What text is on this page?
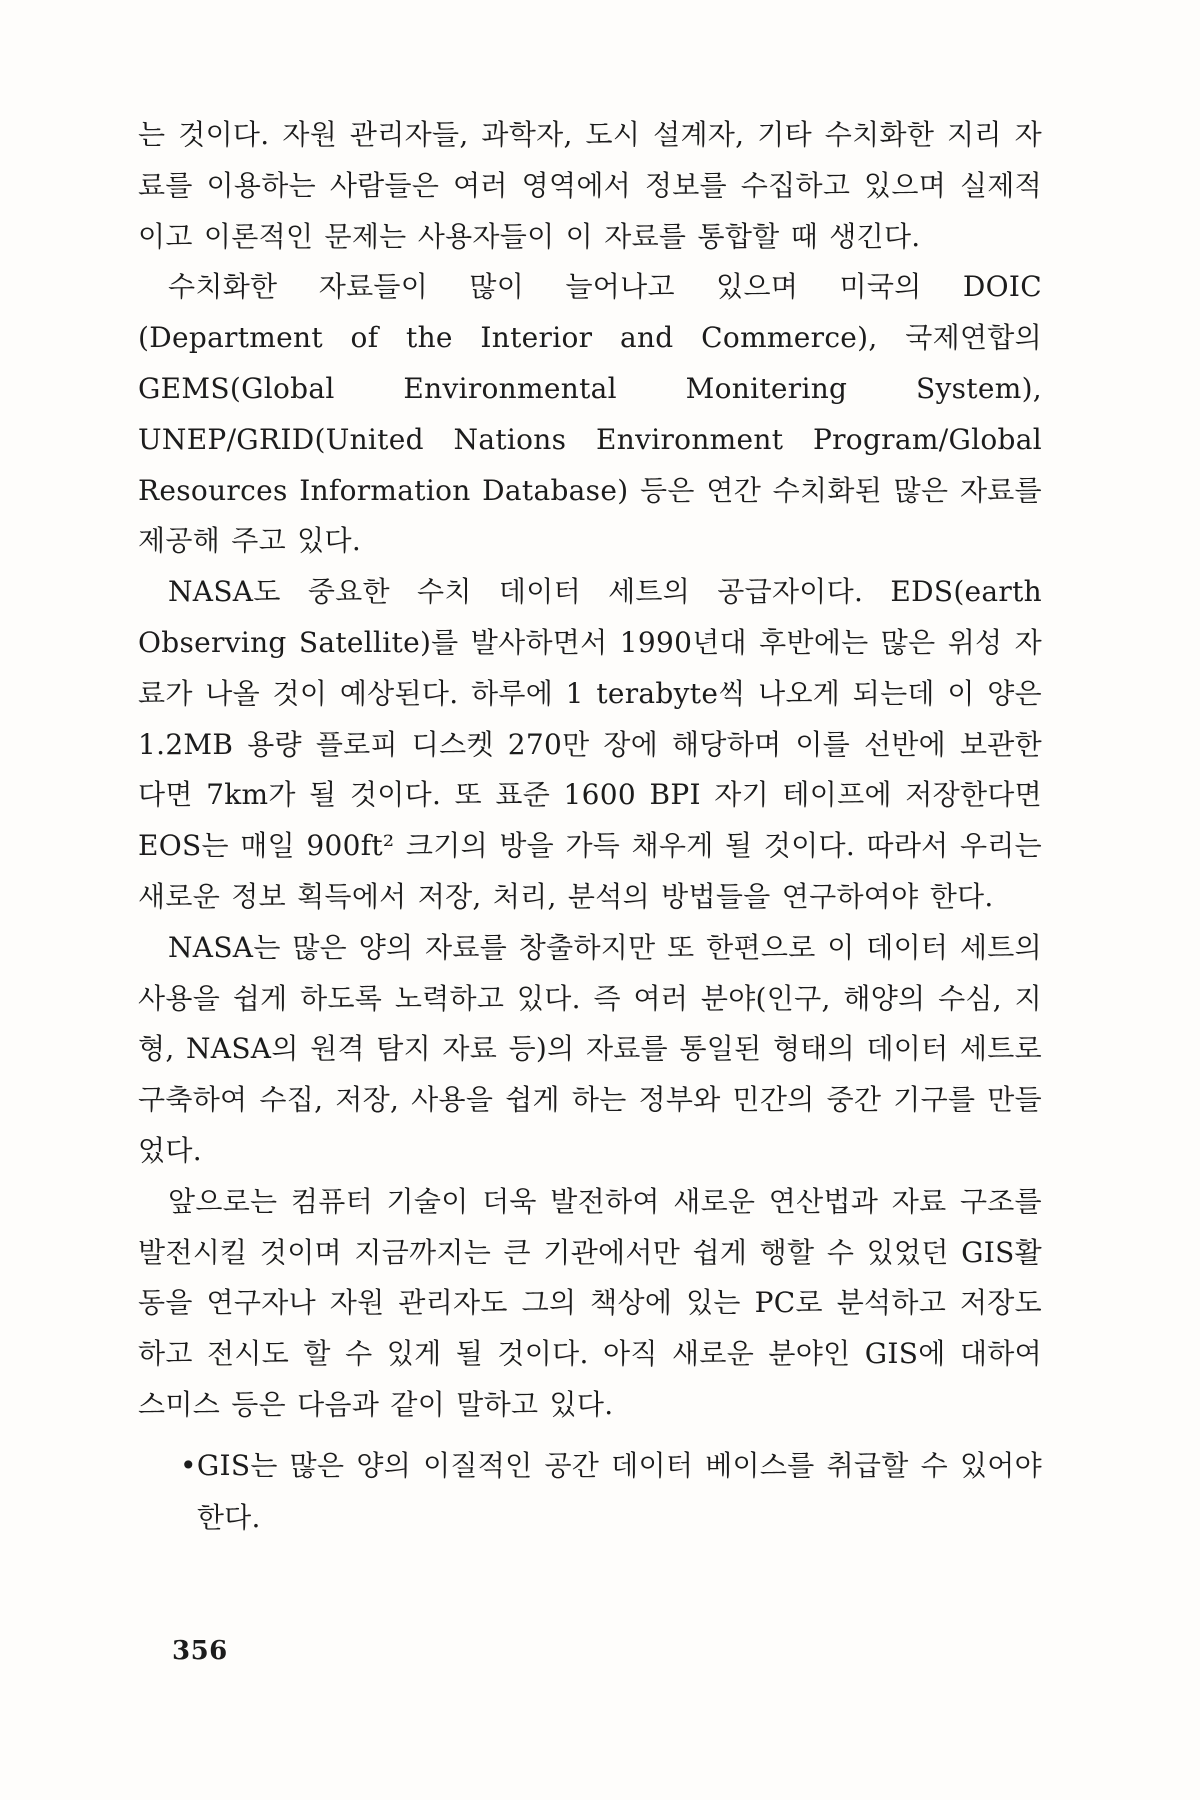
는 것이다. 자원 관리자들, 과학자, 도시 설계자, 기타 수치화한 지리 자료를 이용하는 사람들은 여러 영역에서 정보를 수집하고 있으며 실제적이고 이론적인 문제는 사용자들이 이 자료를 통합할 때 생긴다.

수치화한 자료들이 많이 늘어나고 있으며 미국의 DOIC (Department of the Interior and Commerce), 국제연합의 GEMS(Global Environmental Monitering System), UNEP/GRID(United Nations Environment Program/Global Resources Information Database) 등은 연간 수치화된 많은 자료를 제공해 주고 있다.

NASA도 중요한 수치 데이터 세트의 공급자이다. EDS(earth Observing Satellite)를 발사하면서 1990년대 후반에는 많은 위성 자료가 나올 것이 예상된다. 하루에 1 terabyte씩 나오게 되는데 이 양은 1.2MB 용량 플로피 디스켓 270만 장에 해당하며 이를 선반에 보관한다면 7km가 될 것이다. 또 표준 1600 BPI 자기 테이프에 저장한다면 EOS는 매일 900ft² 크기의 방을 가득 채우게 될 것이다. 따라서 우리는 새로운 정보 획득에서 저장, 처리, 분석의 방법들을 연구하여야 한다.

NASA는 많은 양의 자료를 창출하지만 또 한편으로 이 데이터 세트의 사용을 쉽게 하도록 노력하고 있다. 즉 여러 분야(인구, 해양의 수심, 지형, NASA의 원격 탐지 자료 등)의 자료를 통일된 형태의 데이터 세트로 구축하여 수집, 저장, 사용을 쉽게 하는 정부와 민간의 중간 기구를 만들었다.

앞으로는 컴퓨터 기술이 더욱 발전하여 새로운 연산법과 자료 구조를 발전시킬 것이며 지금까지는 큰 기관에서만 쉽게 행할 수 있었던 GIS활동을 연구자나 자원 관리자도 그의 책상에 있는 PC로 분석하고 저장도 하고 전시도 할 수 있게 될 것이다. 아직 새로운 분야인 GIS에 대하여 스미스 등은 다음과 같이 말하고 있다.

• GIS는 많은 양의 이질적인 공간 데이터 베이스를 취급할 수 있어야 한다.
356
